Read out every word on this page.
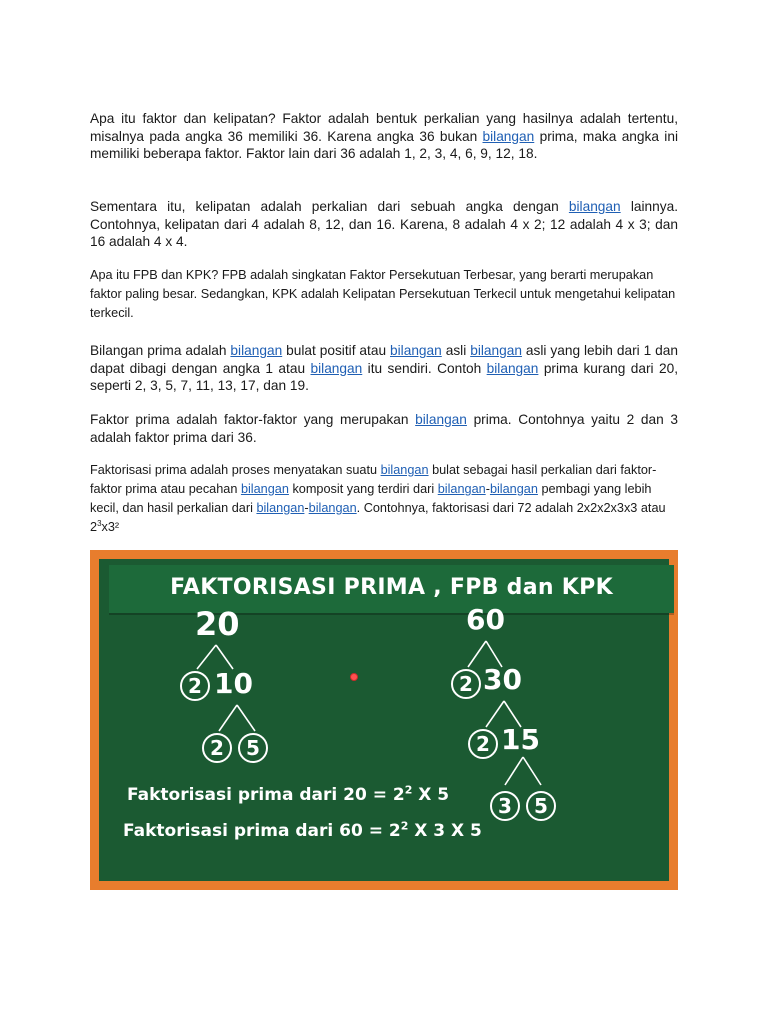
Apa itu faktor dan kelipatan? Faktor adalah bentuk perkalian yang hasilnya adalah tertentu, misalnya pada angka 36 memiliki 36. Karena angka 36 bukan bilangan prima, maka angka ini memiliki beberapa faktor. Faktor lain dari 36 adalah 1, 2, 3, 4, 6, 9, 12, 18.

Sementara itu, kelipatan adalah perkalian dari sebuah angka dengan bilangan lainnya. Contohnya, kelipatan dari 4 adalah 8, 12, dan 16. Karena, 8 adalah 4 x 2; 12 adalah 4 x 3; dan 16 adalah 4 x 4.

Apa itu FPB dan KPK? FPB adalah singkatan Faktor Persekutuan Terbesar, yang berarti merupakan faktor paling besar. Sedangkan, KPK adalah Kelipatan Persekutuan Terkecil untuk mengetahui kelipatan terkecil.

Bilangan prima adalah bilangan bulat positif atau bilangan asli bilangan asli yang lebih dari 1 dan dapat dibagi dengan angka 1 atau bilangan itu sendiri. Contoh bilangan prima kurang dari 20, seperti 2, 3, 5, 7, 11, 13, 17, dan 19.

Faktor prima adalah faktor-faktor yang merupakan bilangan prima. Contohnya yaitu 2 dan 3 adalah faktor prima dari 36.

Faktorisasi prima adalah proses menyatakan suatu bilangan bulat sebagai hasil perkalian dari faktor-faktor prima atau pecahan bilangan komposit yang terdiri dari bilangan-bilangan pembagi yang lebih kecil, dan hasil perkalian dari bilangan-bilangan. Contohnya, faktorisasi dari 72 adalah 2x2x2x3x3 atau $2^3x3^2$

FAKTORISASI PRIMA , FPB dan KPK
20
2 10
2	5
60
2 30
2 15
3	5
Faktorisasi prima dari $20 = 2^2$ X 5
Faktorisasi prima dari $60 = 2^2$ X 3 X 5
